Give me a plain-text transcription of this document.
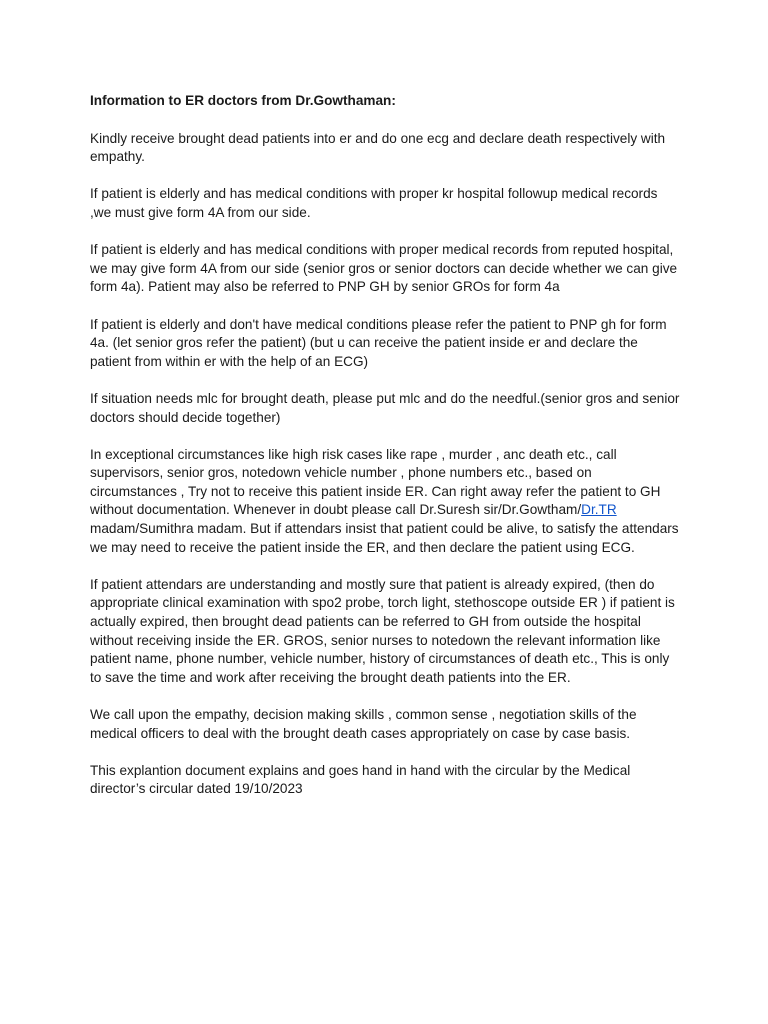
Information to ER doctors from Dr.Gowthaman:

Kindly receive brought dead patients into er and do one ecg and declare death respectively with empathy.

If patient is elderly and has medical conditions with proper kr hospital followup medical records ,we must give form 4A from our side.

If patient is elderly and has medical conditions with proper medical records from reputed hospital, we may give form 4A from our side (senior gros or senior doctors can decide whether we can give form 4a). Patient may also be referred to PNP GH by senior GROs for form 4a

If patient is elderly and don't have medical conditions please refer the patient to PNP gh for form 4a. (let senior gros refer the patient) (but u can receive the patient inside er and declare the patient from within er with the help of an ECG)

If situation needs mlc for brought death, please put mlc and do the needful.(senior gros and senior doctors should decide together)

In exceptional circumstances like high risk cases like rape , murder , anc death etc., call supervisors, senior gros, notedown vehicle number , phone numbers etc., based on circumstances , Try not to receive this patient inside ER. Can right away refer the patient to GH without documentation. Whenever in doubt please call Dr.Suresh sir/Dr.Gowtham/Dr.TR madam/Sumithra madam. But if attendars insist that patient could be alive, to satisfy the attendars we may need to receive the patient inside the ER, and then declare the patient using ECG.

If patient attendars are understanding and mostly sure that patient is already expired, (then do appropriate clinical examination with spo2 probe, torch light, stethoscope outside ER ) if patient is actually expired, then brought dead patients can be referred to GH from outside the hospital without receiving inside the ER. GROS, senior nurses to notedown the relevant information like patient name, phone number, vehicle number, history of circumstances of death etc., This is only to save the time and work after receiving the brought death patients into the ER.

We call upon the empathy, decision making skills , common sense , negotiation skills of the medical officers to deal with the brought death cases appropriately on case by case basis.

This explantion document explains and goes hand in hand with the circular by the Medical director’s circular dated 19/10/2023
